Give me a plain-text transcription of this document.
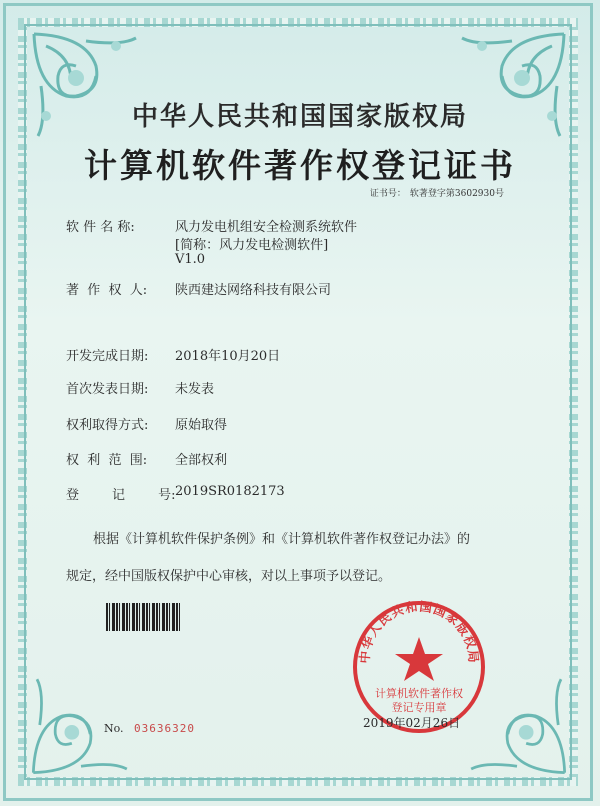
中华人民共和国国家版权局
计算机软件著作权登记证书
证书号： 软著登字第3602930号
软 件 名 称:	风力发电机组安全检测系统软件
[简称：风力发电检测软件]
V1.0
著  作  权  人: 陕西建达网络科技有限公司
开发完成日期: 2018年10月20日
首次发表日期: 未发表
权利取得方式: 原始取得
权  利  范  围: 全部权利
登        记        号: 2019SR0182173
根据《计算机软件保护条例》和《计算机软件著作权登记办法》的
规定，经中国版权保护中心审核，对以上事项予以登记。
中华人民共和国国家版权局
计算机软件著作权
登记专用章
No. 03636320	2019年02月26日
